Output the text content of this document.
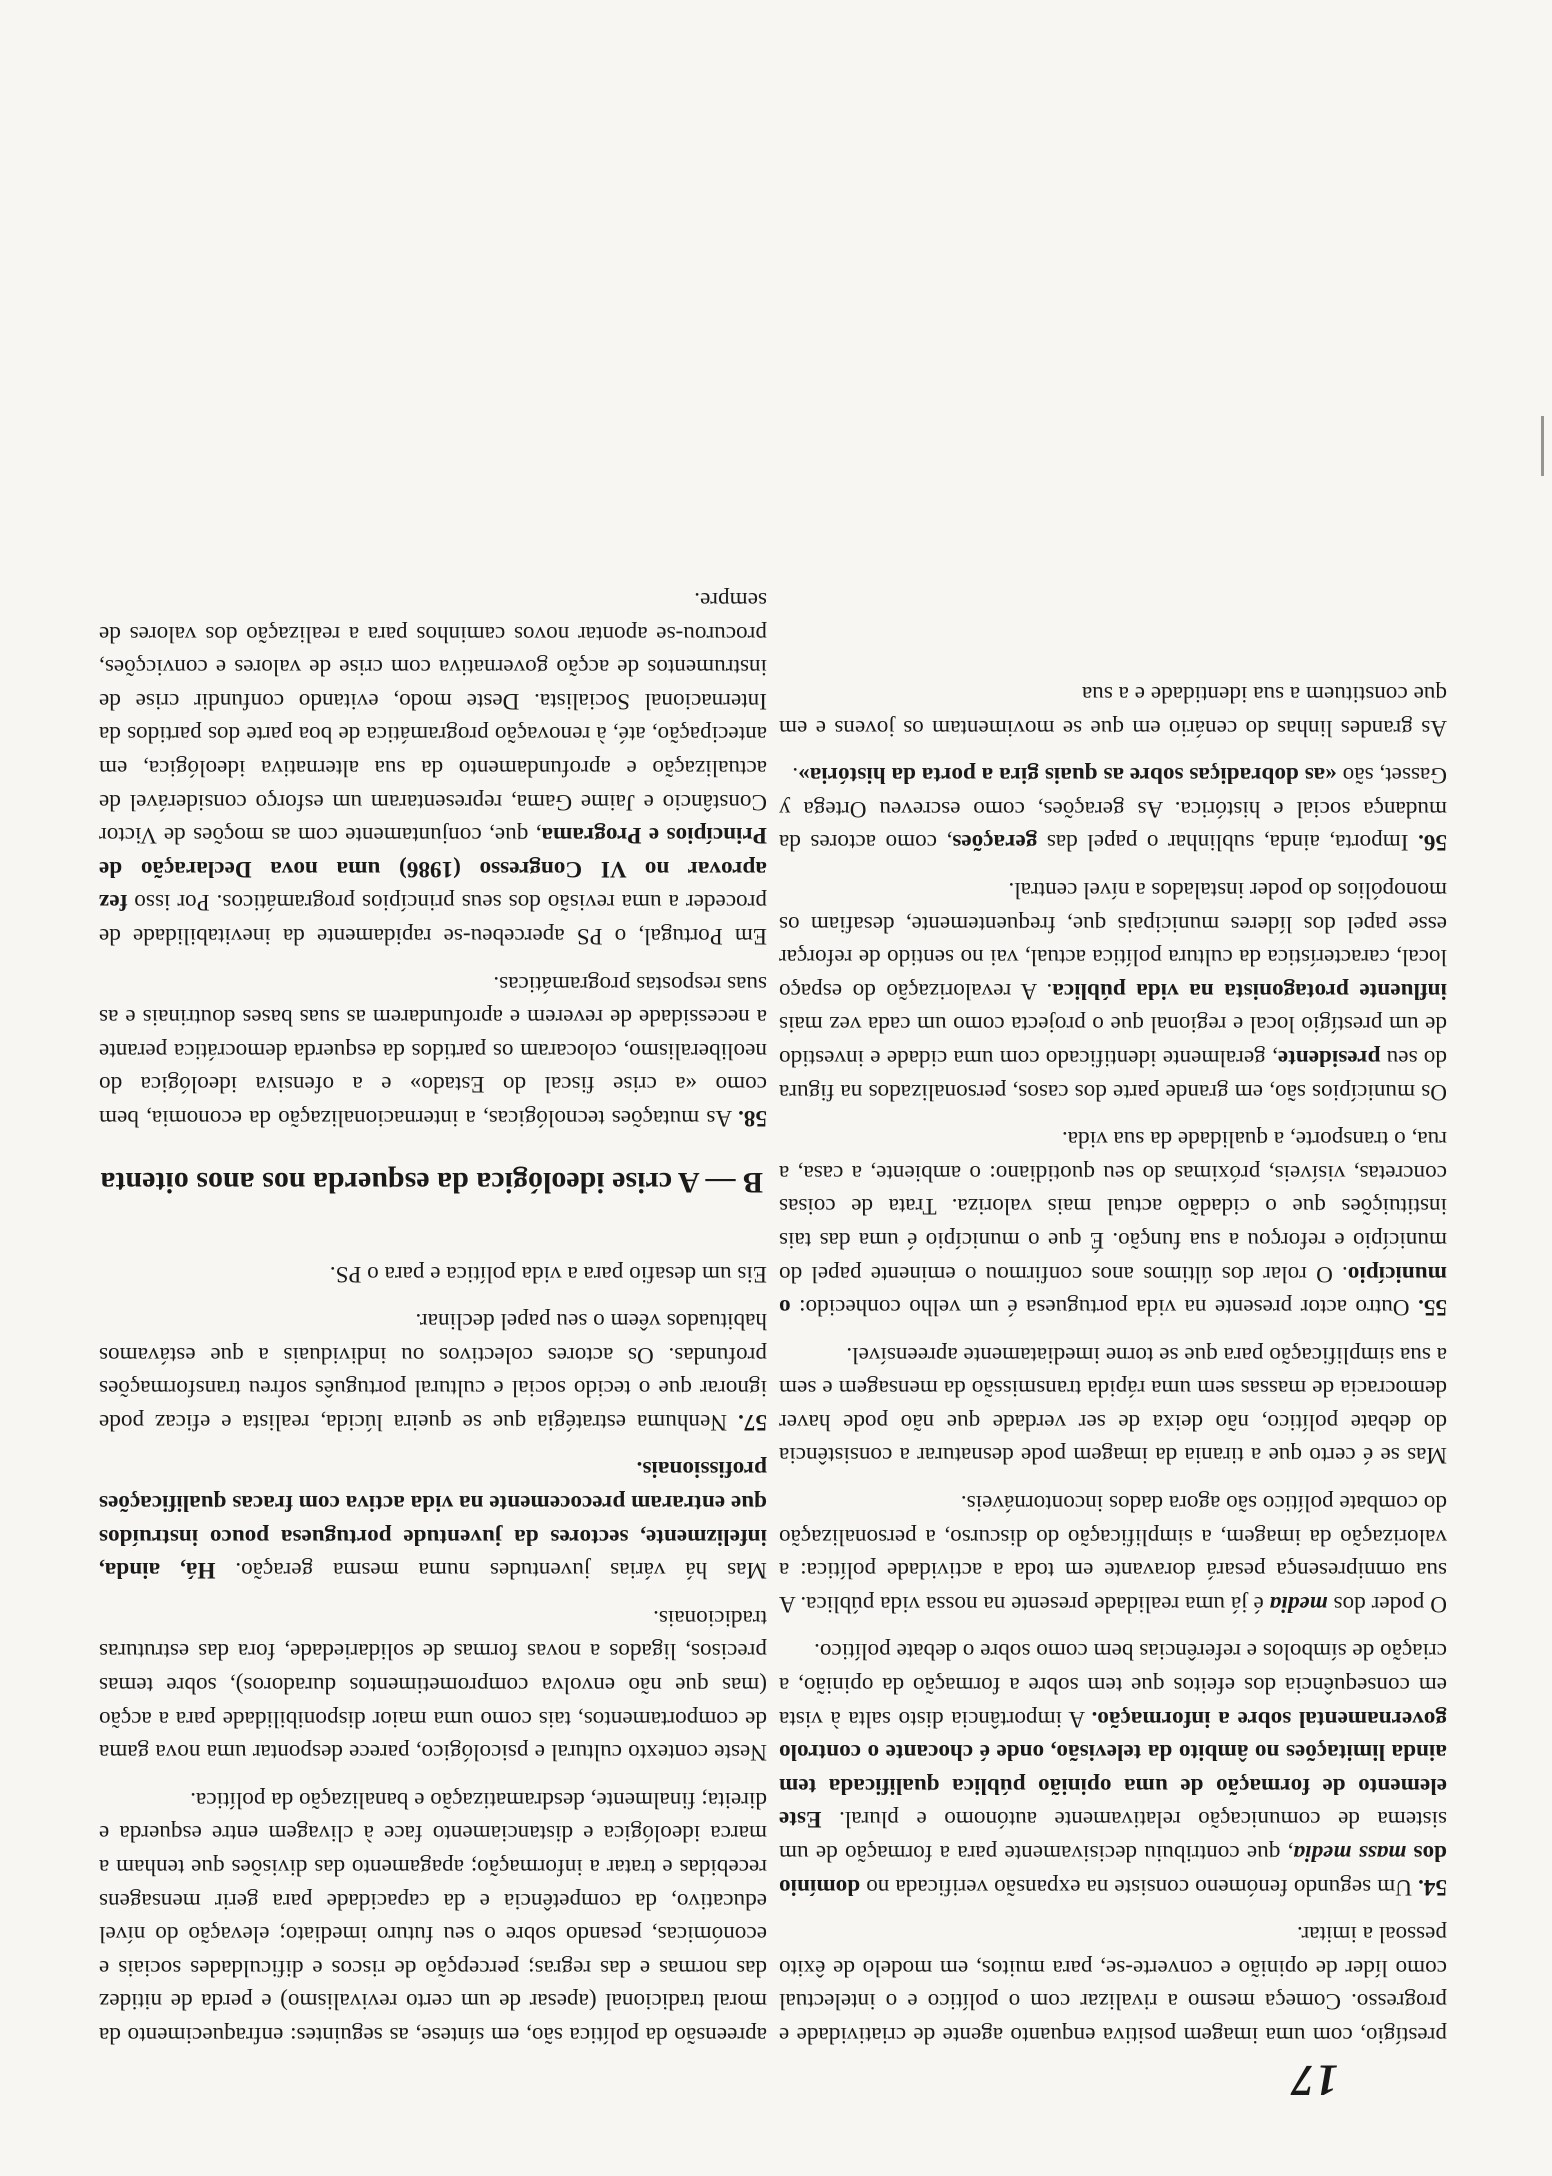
17

prestígio, com uma imagem positiva enquanto agente de criatividade e progresso. Começa mesmo a rivalizar com o político e o intelectual como líder de opinião e converte-se, para muitos, em modelo de êxito pessoal a imitar.

54. Um segundo fenómeno consiste na expansão verificada no domínio dos mass media, que contribuiu decisivamente para a formação de um sistema de comunicação relativamente autónomo e plural. Este elemento de formação de uma opinião pública qualificada tem ainda limitações no âmbito da televisão, onde é chocante o controlo governamental sobre a informação. A importância disto salta à vista em consequência dos efeitos que tem sobre a formação da opinião, a criação de símbolos e referências bem como sobre o debate político.

O poder dos media é já uma realidade presente na nossa vida pública. A sua omnipresença pesará doravante em toda a actividade política: a valorização da imagem, a simplificação do discurso, a personalização do combate político são agora dados incontornáveis.

Mas se é certo que a tirania da imagem pode desnaturar a consistência do debate político, não deixa de ser verdade que não pode haver democracia de massas sem uma rápida transmissão da mensagem e sem a sua simplificação para que se torne imediatamente apreensível.

55. Outro actor presente na vida portuguesa é um velho conhecido: o município. O rolar dos últimos anos confirmou o eminente papel do município e reforçou a sua função. É que o município é uma das tais instituições que o cidadão actual mais valoriza. Trata de coisas concretas, visíveis, próximas do seu quotidiano: o ambiente, a casa, a rua, o transporte, a qualidade da sua vida.

Os municípios são, em grande parte dos casos, personalizados na figura do seu presidente, geralmente identificado com uma cidade e investido de um prestígio local e regional que o projecta como um cada vez mais influente protagonista na vida pública. A revalorização do espaço local, característica da cultura política actual, vai no sentido de reforçar esse papel dos líderes municipais que, frequentemente, desafiam os monopólios do poder instalados a nível central.

56. Importa, ainda, sublinhar o papel das gerações, como actores da mudança social e histórica. As gerações, como escreveu Ortega y Gasset, são «as dobradiças sobre as quais gira a porta da história».

As grandes linhas do cenário em que se movimentam os jovens e em que constituem a sua identidade e a sua

apreensão da política são, em síntese, as seguintes: enfraquecimento da moral tradicional (apesar de um certo revivalismo) e perda de nitidez das normas e das regras; percepção de riscos e dificuldades sociais e económicas, pesando sobre o seu futuro imediato; elevação do nível educativo, da competência e da capacidade para gerir mensagens recebidas e tratar a informação; apagamento das divisões que tenham a marca ideológica e distanciamento face à clivagem entre esquerda e direita; finalmente, desdramatização e banalização da política.

Neste contexto cultural e psicológico, parece despontar uma nova gama de comportamentos, tais como uma maior disponibilidade para a acção (mas que não envolva comprometimentos duradoros), sobre temas precisos, ligados a novas formas de solidariedade, fora das estruturas tradicionais.

Mas há várias juventudes numa mesma geração. Há, ainda, infelizmente, sectores da juventude portuguesa pouco instruídos que entraram precocemente na vida activa com fracas qualificações profissionais.

57. Nenhuma estratégia que se queira lúcida, realista e eficaz pode ignorar que o tecido social e cultural português sofreu transformações profundas. Os actores colectivos ou individuais a que estávamos habituados vêem o seu papel declinar.

Eis um desafio para a vida política e para o PS.

B — A crise ideológica da esquerda nos anos oitenta

58. As mutações tecnológicas, a internacionalização da economia, bem como «a crise fiscal do Estado» e a ofensiva ideológica do neoliberalismo, colocaram os partidos da esquerda democrática perante a necessidade de reverem e aprofundarem as suas bases doutrinais e as suas respostas programáticas.

Em Portugal, o PS apercebeu-se rapidamente da inevitabilidade de proceder a uma revisão dos seus princípios programáticos. Por isso fez aprovar no VI Congresso (1986) uma nova Declaração de Princípios e Programa, que, conjuntamente com as moções de Victor Constâncio e Jaime Gama, representaram um esforço considerável de actualização e aprofundamento da sua alternativa ideológica, em antecipação, até, à renovação programática de boa parte dos partidos da Internacional Socialista. Deste modo, evitando confundir crise de instrumentos de acção governativa com crise de valores e convicções, procurou-se apontar novos caminhos para a realização dos valores de sempre.
